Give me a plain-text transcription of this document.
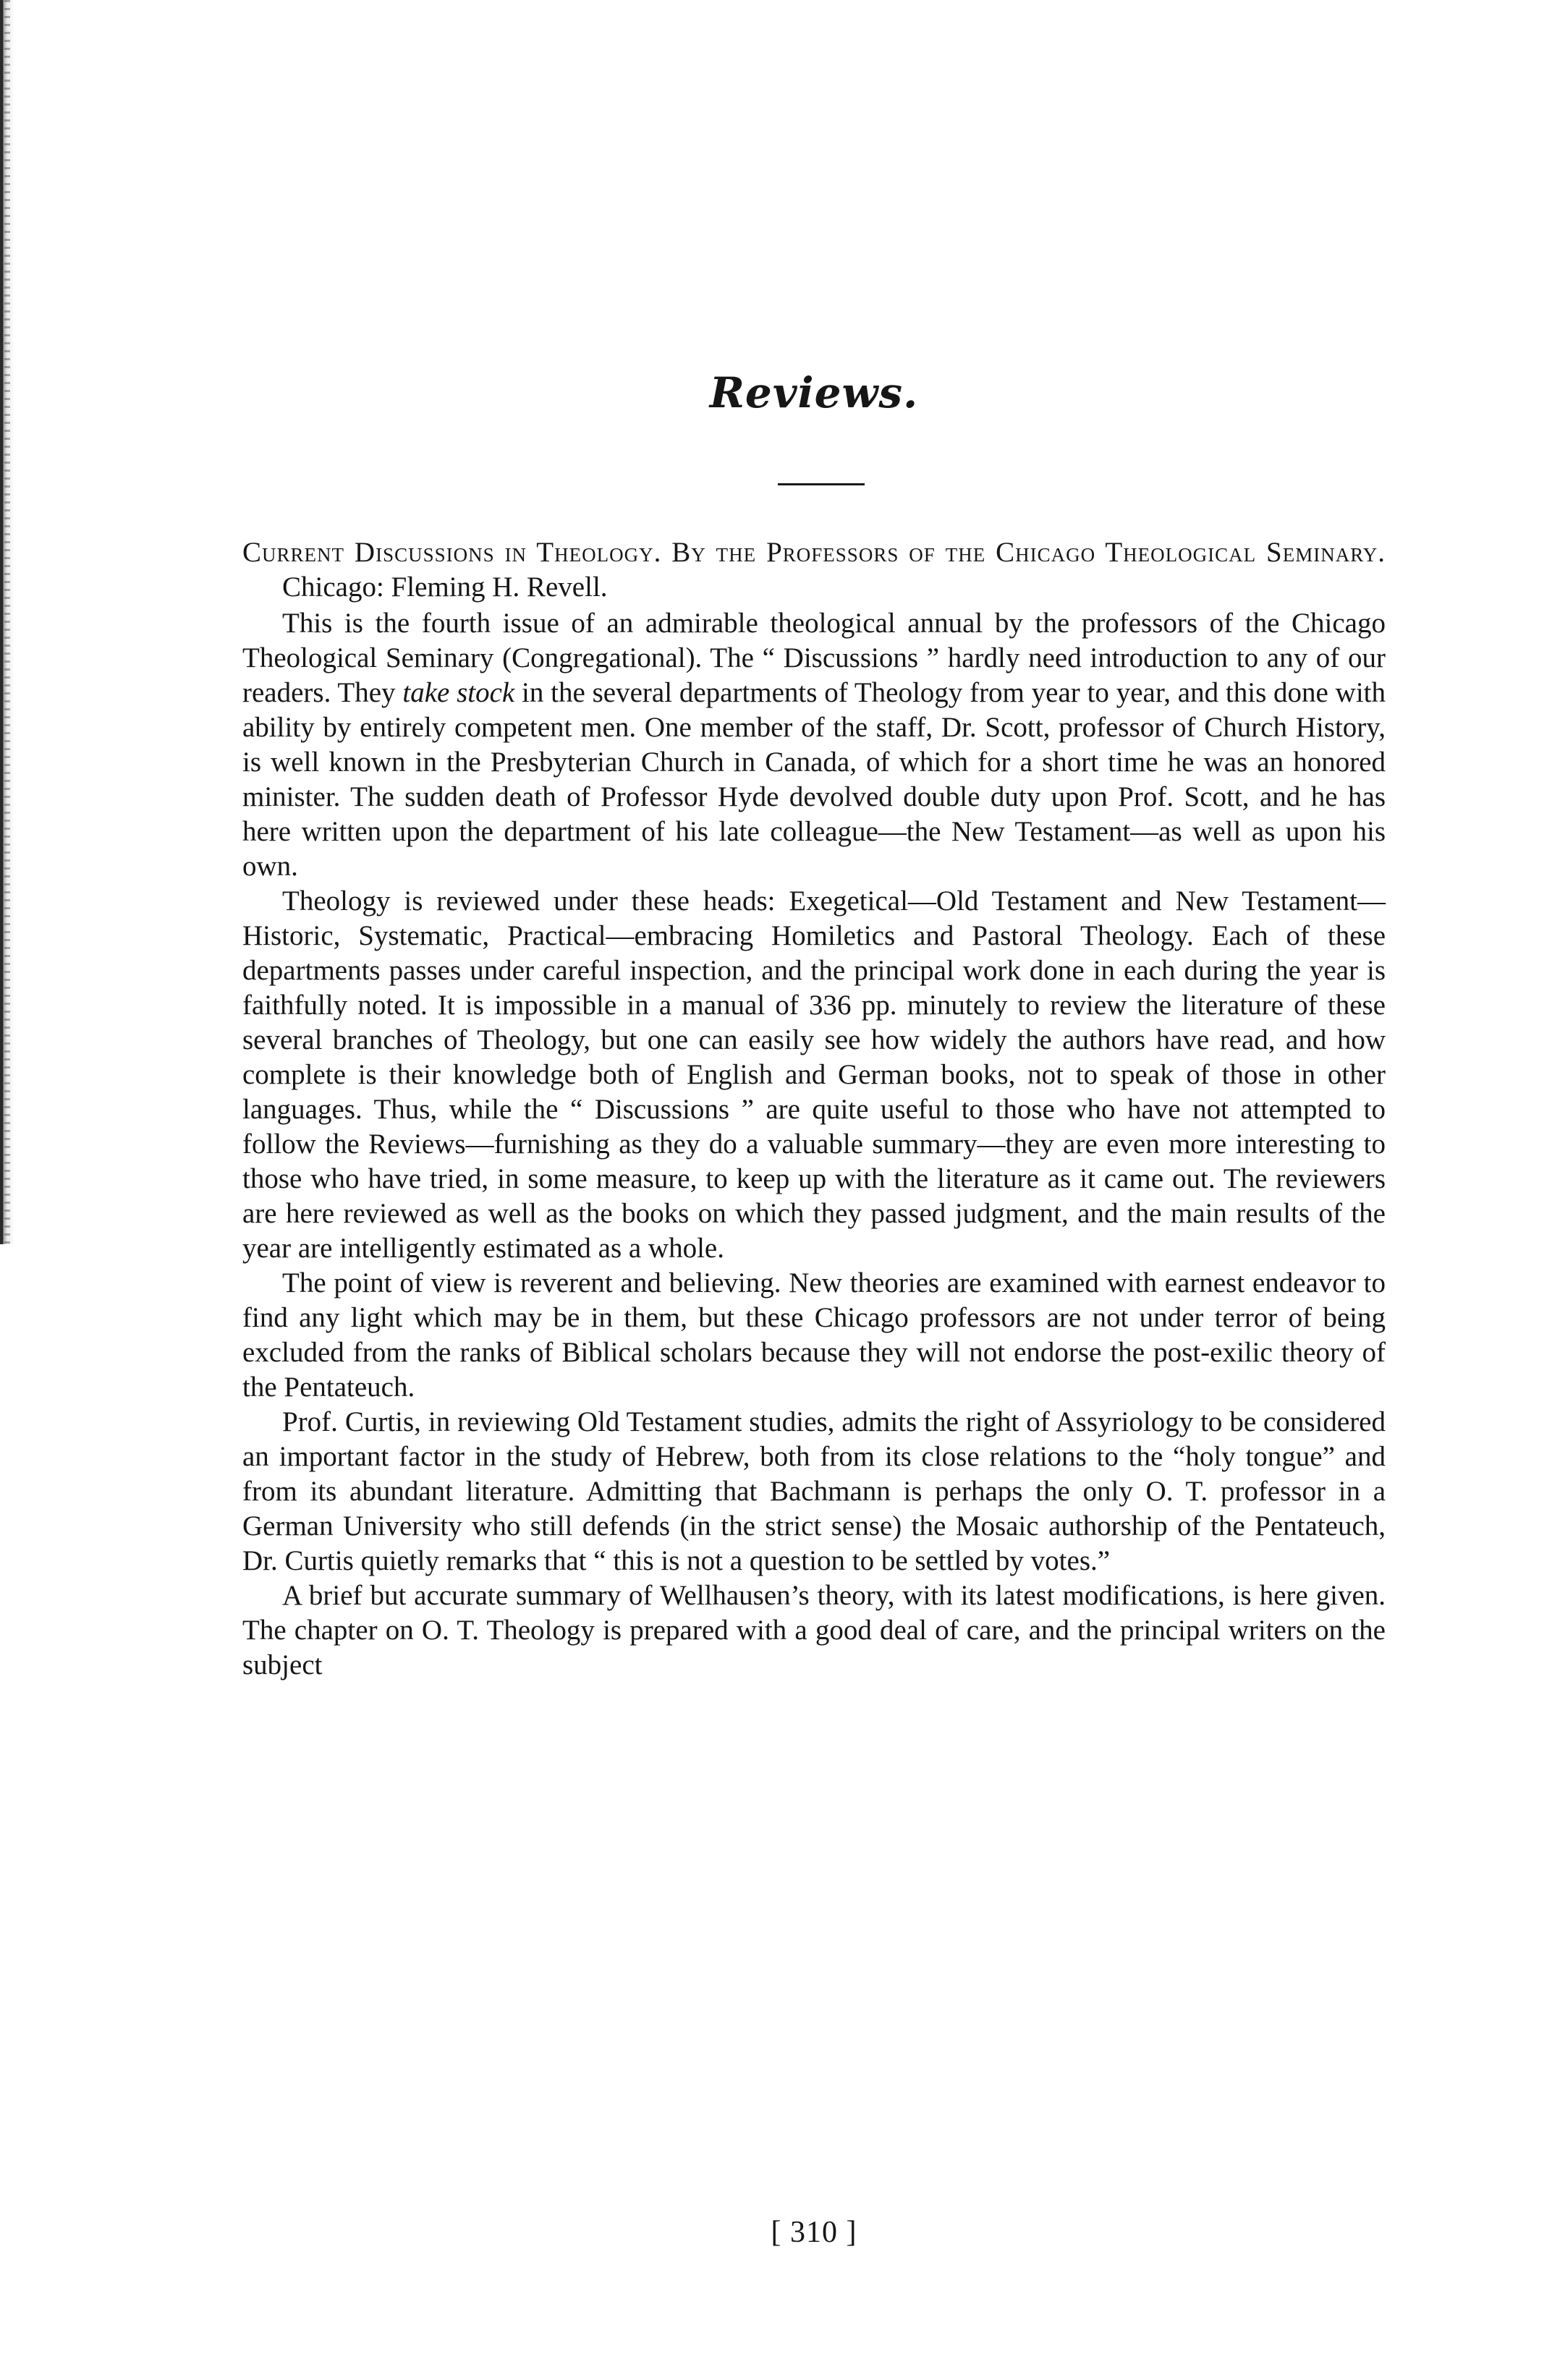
Reviews.

Current Discussions in Theology. By the Professors of the Chicago Theological Seminary. Chicago: Fleming H. Revell.

This is the fourth issue of an admirable theological annual by the professors of the Chicago Theological Seminary (Congregational). The “ Discussions ” hardly need introduction to any of our readers. They take stock in the several departments of Theology from year to year, and this done with ability by entirely competent men. One member of the staff, Dr. Scott, professor of Church History, is well known in the Presbyterian Church in Canada, of which for a short time he was an honored minister. The sudden death of Professor Hyde devolved double duty upon Prof. Scott, and he has here written upon the department of his late colleague—the New Testament—as well as upon his own.

Theology is reviewed under these heads: Exegetical—Old Testament and New Testament—Historic, Systematic, Practical—embracing Homiletics and Pastoral Theology. Each of these departments passes under careful inspection, and the principal work done in each during the year is faithfully noted. It is impossible in a manual of 336 pp. minutely to review the literature of these several branches of Theology, but one can easily see how widely the authors have read, and how complete is their knowledge both of English and German books, not to speak of those in other languages. Thus, while the “ Discussions ” are quite useful to those who have not attempted to follow the Reviews—furnishing as they do a valuable summary—they are even more interesting to those who have tried, in some measure, to keep up with the literature as it came out. The reviewers are here reviewed as well as the books on which they passed judgment, and the main results of the year are intelligently estimated as a whole.

The point of view is reverent and believing. New theories are examined with earnest endeavor to find any light which may be in them, but these Chicago professors are not under terror of being excluded from the ranks of Biblical scholars because they will not endorse the post-exilic theory of the Pentateuch.

Prof. Curtis, in reviewing Old Testament studies, admits the right of Assyriology to be considered an important factor in the study of Hebrew, both from its close relations to the “holy tongue” and from its abundant literature. Admitting that Bachmann is perhaps the only O. T. professor in a German University who still defends (in the strict sense) the Mosaic authorship of the Pentateuch, Dr. Curtis quietly remarks that “ this is not a question to be settled by votes.”

A brief but accurate summary of Wellhausen’s theory, with its latest modifications, is here given. The chapter on O. T. Theology is prepared with a good deal of care, and the principal writers on the subject

[ 310 ]
